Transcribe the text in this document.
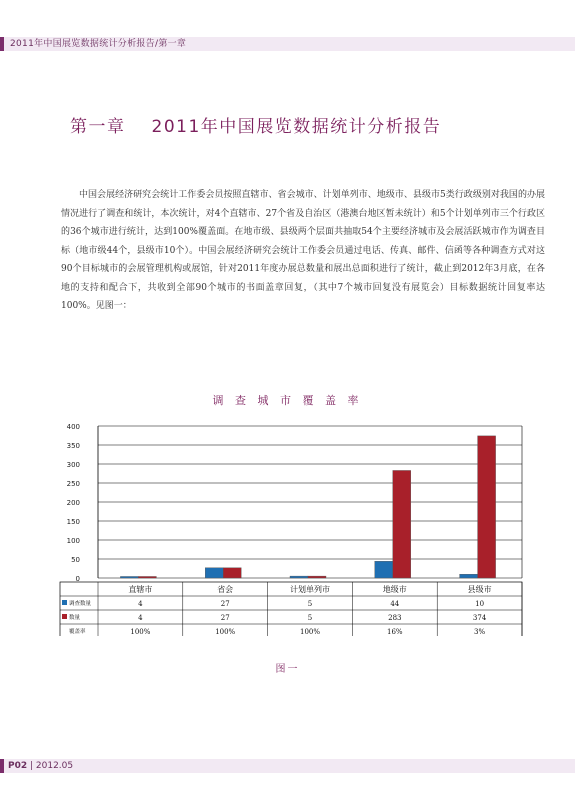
2011年中国展览数据统计分析报告/第一章
第一章 2011年中国展览数据统计分析报告

中国会展经济研究会统计工作委会员按照直辖市、省会城市、计划单列市、地级市、县级市5类行政级别对我国的办展情况进行了调查和统计，本次统计，对4个直辖市、27个省及自治区（港澳台地区暂未统计）和5个计划单列市三个行政区的36个城市进行统计，达到100%覆盖面。在地市级、县级两个层面共抽取54个主要经济城市及会展活跃城市作为调查目标（地市级44个，县级市10个）。中国会展经济研究会统计工作委会员通过电话、传真、邮件、信函等各种调查方式对这90个目标城市的会展管理机构或展馆，针对2011年度办展总数量和展出总面积进行了统计，截止到2012年3月底，在各地的支持和配合下，共收到全部90个城市的书面盖章回复，（其中7个城市回复没有展览会）目标数据统计回复率达100%。见图一：

调 查 城 市 覆 盖 率
0
50
100
150
200
250
300
350
400
直辖市
4
4
100%
省会
27
27
100%
计划单列市
5
5
100%
地级市
44
283
16%
县级市
10
374
3%
调查数量
数量
覆盖率
图一
P02 | 2012.05
